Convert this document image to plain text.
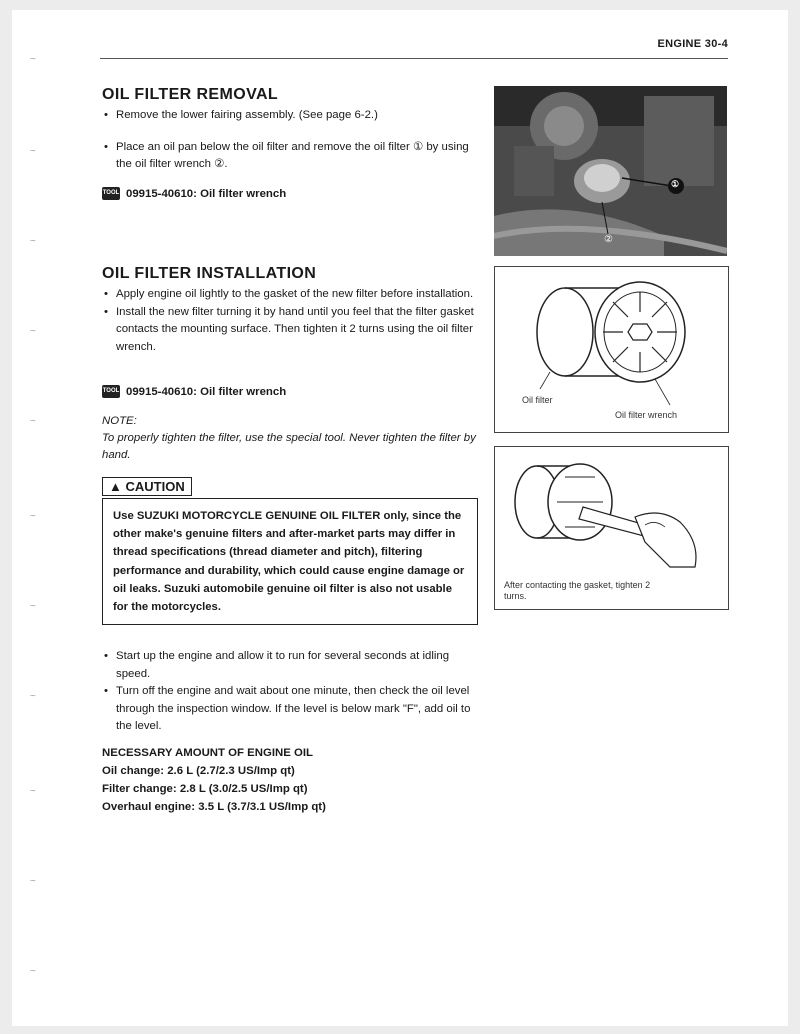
~
~
~
~
~
~
~
~
~
~
~
ENGINE 30-4
OIL FILTER REMOVAL

• Remove the lower fairing assembly. (See page 6-2.)

• Place an oil pan below the oil filter and remove the oil filter ① by using the oil filter wrench ②.

TOOL 09915-40610: Oil filter wrench
①
②
OIL FILTER INSTALLATION

• Apply engine oil lightly to the gasket of the new filter before installation.

• Install the new filter turning it by hand until you feel that the filter gasket contacts the mounting surface. Then tighten it 2 turns using the oil filter wrench.

TOOL 09915-40610: Oil filter wrench
NOTE:
To properly tighten the filter, use the special tool. Never tighten the filter by hand.
Oil filter
Oil filter wrench
▲ CAUTION
Use SUZUKI MOTORCYCLE GENUINE OIL FILTER only, since the other make's genuine filters and after-market parts may differ in thread specifications (thread diameter and pitch), filtering performance and durability, which could cause engine damage or oil leaks. Suzuki automobile genuine oil filter is also not usable for the motorcycles.
After contacting the gasket, tighten 2 turns.

• Start up the engine and allow it to run for several seconds at idling speed.

• Turn off the engine and wait about one minute, then check the oil level through the inspection window. If the level is below mark "F", add oil to the level.

NECESSARY AMOUNT OF ENGINE OIL
Oil change: 2.6 L (2.7/2.3 US/Imp qt)
Filter change: 2.8 L (3.0/2.5 US/Imp qt)
Overhaul engine: 3.5 L (3.7/3.1 US/Imp qt)
